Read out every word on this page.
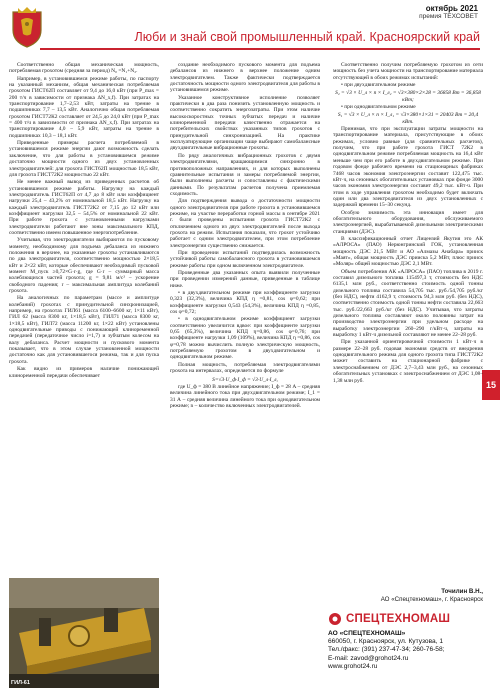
октябрь 2021
премия ТЕХСОВЕТ
Люби и знай свой промышленный край. Красноярский край
15

Соответственно общая механическая мощность, потребляемая грохотом (средняя за период) N₀ =N₁+N₂.

Например, в установившемся режиме работы, по паспорту на указанный механизм, общая механическая потребляемая грохотом ГИСТ62П составляет от 9,4 до 16,0 кВт (при P_max = 200 т/ч в зависимости от признака ΔN_x,f). При затратах на транспортирование 1,7–2,53 кВт, затраты на трение в подшипниках 7,7 – 13,5 кВт. Аналогично общая потребляемая грохотом ГИСТ72К2 составляет от 24,5 до 24,0 кВт (при P_max = 400 т/ч в зависимости от признака ΔN_x,f). При затратах на транспортирование 4,0 – 5,9 кВт, затраты на трение в подшипниках 10,3 – 18,1 кВт.

Приведенные примеры расчета потребляемой в установившемся режиме энергии дают возможность сделать заключение, что для работы в установившемся режиме достаточно мощности одного из двух установленных электродвигателей: для грохота ГИСТ62П мощностью 18,5 кВт, для грохота ГИСТ72К2 мощностью 22 кВт.

Не менее важный вывод из приведенных расчетов об установившемся режиме работы. Нагрузку на каждый электродвигатель ГИСТ62П от 4,7 до 8 кВт или коэффициент нагрузки 25,4 – 43,2% от номинальной 18,5 кВт. Нагрузку на каждый электродвигатель ГИСТ72К2 от 7,15 до 12 кВт или коэффициент нагрузки 32,5 – 54,5% от номинальной 22 кВт. При работе грохота с установленными нагрузками электродвигатели работают вне зоны максимального КПД, соответственно имеем повышенное энергопотребление.

Учитывая, что электродвигатели выбираются по пусковому моменту, необходимому для подъема дебаланса из нижнего положения в верхнее, на указанные грохоты устанавливаются по два электродвигателя, соответственно мощностью 2×18,5 кВт и 2×22 кВт, которые обеспечивают необходимый пусковой момент M_пуск ≥0,72×G·r·g, где G·r – суммарный масса колеблющихся частей грохота; g = 9,81 м/с² – ускорение свободного падения; r – максимальная амплитуда колебаний грохота.

На аналогичных по параметрам (массе и амплитуде колебаний) грохотах с принудительной синхронизацией, например, на грохотах ГИЛ61 (масса 6100–6600 кг, 1×11 кВт), ГИЛ 62 (масса 8300 кг, 1×18,5 кВт), ГИЛ71 (масса 8300 кг, 1×18,5 кВт), ГИЛ72 (масса 11200 кг, 1×22 кВт) установлены однодвигательные приводы с понижающей клиноременной передачей (передаточное число i=1,7) и зубчатым колесом на валу дебаланса. Расчет мощности и пускового момента показывает, что в этом случае установленной мощности достаточно как для установившегося режима, так и для пуска грохота.

Как видно из примеров наличие понижающей клиноременной передачи обеспечивает

ГИЛ-61

создание необходимого пускового момента для подъема дебалансов из нижнего в верхнее положение одним электродвигателем. Также фактически подтверждается достаточность мощности одного электродвигателя для работы в установившемся режиме.

Указанное конструктивное исполнение позволяет практически в два раза понизить установленную мощность и соответственно сократить энергозатраты. При этом наличие высокоскоростных точных зубчатых передач и наличие клиноременной передачи качественно отражается на потребительских свойствах указанных типов грохотов с принудительной синхронизацией. На практике эксплуатирующие организации чаще выбирают самобалансные двухдвигательные вибрационные грохоты.

По ряду аналогичных вибрационных грохотов с двумя электродвигателями, вращающимися синхронно в противоположных направлениях, и для которых выполнены сравнительные испытания и замеры потребляемой энергии, были выполнены расчеты и сопоставлены с фактическими данными. По результатам расчетов получена приемлемая сходимость.

Для подтверждения вывода о достаточности мощности одного электродвигателя при работе грохота в установившемся режиме, на участке переработки горной массы в сентябре 2021 г. были проведены испытания грохота ГИСТ72К2 с отключением одного из двух электродвигателей после выхода грохота на режим. Испытания показали, что грохот устойчиво работает с одним электродвигателем, при этом потребление электроэнергии существенно снижается.

При проведении испытаний подтвердилась возможность устойчивой работы самобалансного грохота в установившемся режиме работы при одном включенном электродвигателе.

Проведенные два указанных опыта выявили полученные при проведении измерений данные, приведенные в таблице ниже.

• в двухдвигательном режиме при коэффициенте загрузки 0,323 (32,3%), величина КПД η =0,81, cos φ=0,62; при коэффициенте нагрузки 0,543 (54,3%), величина КПД η =0,85, cos φ=0,72;

• в однодвигательном режиме коэффициент загрузки соответственно увеличится вдвое: при коэффициенте загрузки 0,65 (65,3%), величина КПД η=0,86, cos φ=0,76; при коэффициенте нагрузки 1,09 (109%), величина КПД η =0,86, cos φ=0,78 можно вычислить полную электрическую мощность, потребляемую грохотом в двухдвигательном и однодвигательном режиме.

Полная мощность, потребляемая электродвигателями грохота на интервалах, определяется по формуле

S=√3·U_ф·I_ф = √3·U_л·I_л,

где U_ф = 380 В линейное напряжение; I_ф = 28 А – средняя величина линейного тока при двухдвигательном режиме; I_1 = 31 А – средняя величина линейного тока при однодвигательном режиме; n – количество включенных электродвигателей.

Соответственно получим потребляемую грохотом из сети мощность без учета мощности на транспортирование материала отсутствующей в обоих режимах испытаний:

• при двухдвигательном режиме

S₂ = √3 × U_л × n × I_л₂ = √3×380×2×28 = 36858 Вт = 36,858 кВт;

• при однодвигательном режиме

S₁ = √3 × U_л × n × I_л₁ = √3×380×1×31 = 20403 Вт = 20,4 кВт.

Принимая, что при эксплуатации затраты мощности на транспортирование материала, присутствующие в обоих режимах, условно равные (для сравнительных расчетов), получим, что при работе грохота ГИСТ 72К2 в однодвигательном режиме потребляемая мощность на 16,4 кВт меньше чем при его работе в двухдвигательном режиме. При годовом фонде рабочего времени на стационарных фабриках 7468 часов экономия электроэнергии составит 122,475 тыс. кВт·ч, на сезонных обогатительных установках при фонде 3000 часов экономия электроэнергии составит 49,2 тыс. кВт·ч. При этом в ходе управления грохотом необходимо будет включать один или два электродвигателя из двух установленных с задержкой времени 15–30 секунд.

Особую значимость эта инновация имеет для обогатительного оборудования, обслуживаемого электроэнергией, вырабатываемой дизельными электрическими станциями (ДЭС).

В классификационный отчет Лицензий Якутия это АК «АЛРОСА» (ПАО) Нерюнгринский ГОК, установленная мощность ДЭС 21,5 МВт и АО «Алмазы Анабара» прииск «Маят», общая мощность ДЭС прииска 5,2 МВт, плюс прииск «Моляр» общей мощностью ДЭС 2,1 МВт.

Объем потребления АК «АЛРОСА» (ПАО) топлива в 2019 г. составил дизельного топлива 115497,3 т, стоимость без НДС 6135,1 млн руб., соответственно стоимость одной тонны дизельного топлива составила 54,705 тыс. руб./54,705 руб./кг (без НДС), нефти 4162,9 т, стоимость 94,3 млн руб. (без НДС), соответственно стоимость одной тонны нефти составила 22,663 тыс. руб./22,663 руб./кг (без НДС). Учитывая, что затраты дизельного топлива составляют около половины затрат на производство электроэнергии при удельном расходе на выработку электроэнергии 260–290 г/кВт·ч, затраты на выработку 1 кВт·ч дизельной составляют не менее 22–28 руб.

При указанной ориентировочной стоимости 1 кВт·ч в размере 22–28 руб. годовая экономия средств от внедрения однодвигательного режима для одного грохота типа ГИСТ72К2 может составить на стационарной фабрике с электроснабжением от ДЭС 2,7–3,43 млн руб., на сезонных обогатительных установках с электроснабжением от ДЭС 1,08–1,38 млн руб.

Точилин В.Н.,
АО «Спецтехномаш», г. Красноярск
СПЕЦТЕХНОМАШ
АО «СПЕЦТЕХНОМАШ»
660050, г. Красноярск, ул. Кутузова, 1
Тел./факс: (391) 237-47-34; 260-76-58;
E-mail: zavod@grohot24.ru
www.grohot24.ru
